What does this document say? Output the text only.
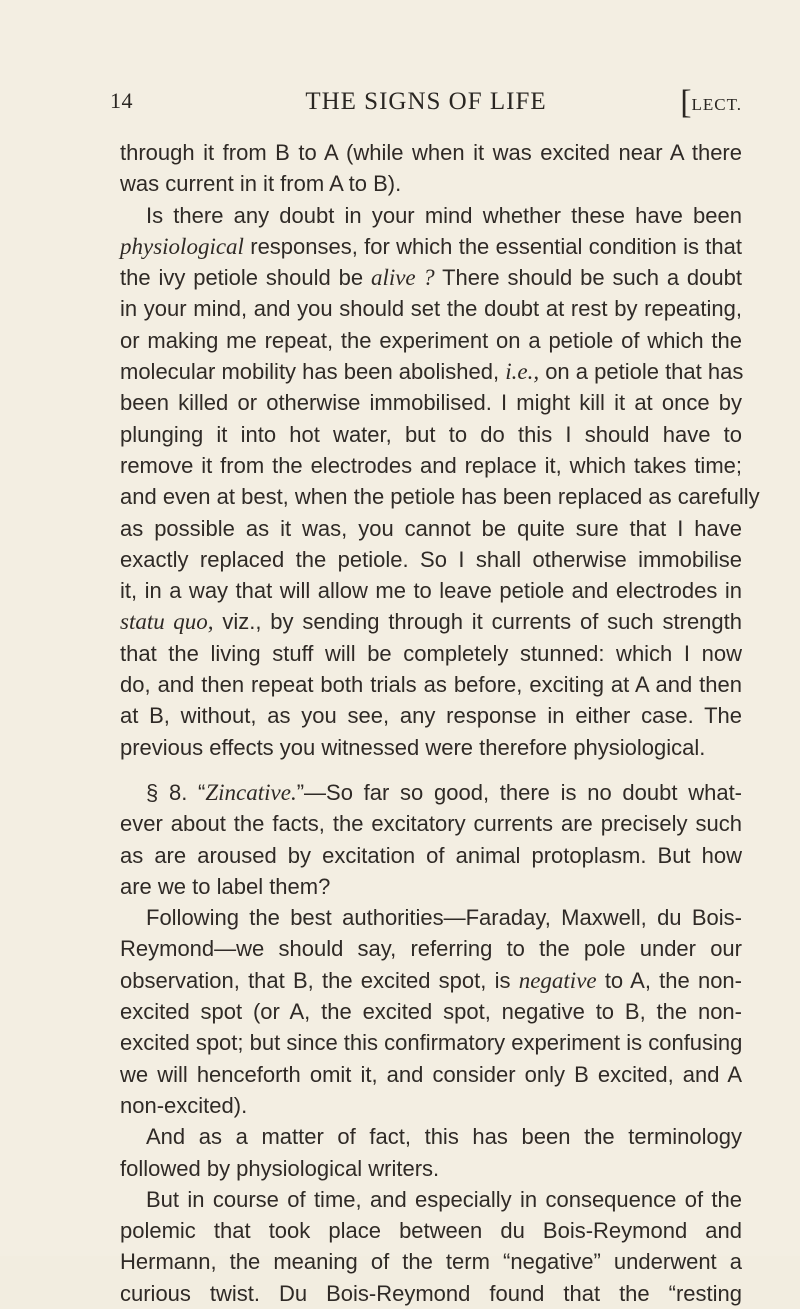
14	THE SIGNS OF LIFE	[LECT.

through it from B to A (while when it was excited near A there
was current in it from A to B).

Is there any doubt in your mind whether these have been
physiological responses, for which the essential condition is that
the ivy petiole should be alive ? There should be such a doubt
in your mind, and you should set the doubt at rest by repeating,
or making me repeat, the experiment on a petiole of which the
molecular mobility has been abolished, i.e., on a petiole that has
been killed or otherwise immobilised. I might kill it at once by
plunging it into hot water, but to do this I should have to
remove it from the electrodes and replace it, which takes time;
and even at best, when the petiole has been replaced as carefully
as possible as it was, you cannot be quite sure that I have
exactly replaced the petiole. So I shall otherwise immobilise
it, in a way that will allow me to leave petiole and electrodes in
statu quo, viz., by sending through it currents of such strength
that the living stuff will be completely stunned: which I now
do, and then repeat both trials as before, exciting at A and then
at B, without, as you see, any response in either case. The
previous effects you witnessed were therefore physiological.

§ 8. “Zincative.”—So far so good, there is no doubt what-
ever about the facts, the excitatory currents are precisely such
as are aroused by excitation of animal protoplasm. But how
are we to label them?

Following the best authorities—Faraday, Maxwell, du Bois-
Reymond—we should say, referring to the pole under our
observation, that B, the excited spot, is negative to A, the non-
excited spot (or A, the excited spot, negative to B, the non-
excited spot; but since this confirmatory experiment is confusing
we will henceforth omit it, and consider only B excited, and A
non-excited).

And as a matter of fact, this has been the terminology
followed by physiological writers.

But in course of time, and especially in consequence of the
polemic that took place between du Bois-Reymond and
Hermann, the meaning of the term “negative” underwent a
curious twist. Du Bois-Reymond found that the “resting
